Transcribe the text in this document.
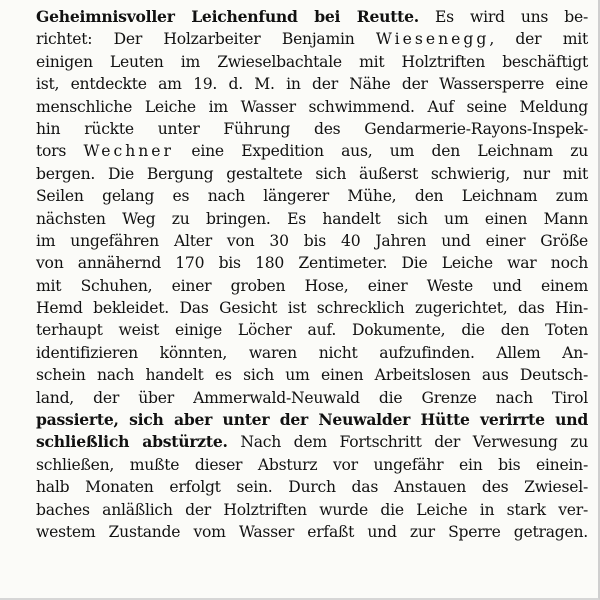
Geheimnisvoller Leichenfund bei Reutte. Es wird uns be-
richtet: Der Holzarbeiter Benjamin Wiesenegg, der mit
einigen Leuten im Zwieselbachtale mit Holztriften beschäftigt
ist, entdeckte am 19. d. M. in der Nähe der Wassersperre eine
menschliche Leiche im Wasser schwimmend. Auf seine Meldung
hin rückte unter Führung des Gendarmerie-Rayons-Inspek-
tors Wechner eine Expedition aus, um den Leichnam zu
bergen. Die Bergung gestaltete sich äußerst schwierig, nur mit
Seilen gelang es nach längerer Mühe, den Leichnam zum
nächsten Weg zu bringen. Es handelt sich um einen Mann
im ungefähren Alter von 30 bis 40 Jahren und einer Größe
von annähernd 170 bis 180 Zentimeter. Die Leiche war noch
mit Schuhen, einer groben Hose, einer Weste und einem
Hemd bekleidet. Das Gesicht ist schrecklich zugerichtet, das Hin-
terhaupt weist einige Löcher auf. Dokumente, die den Toten
identifizieren könnten, waren nicht aufzufinden. Allem An-
schein nach handelt es sich um einen Arbeitslosen aus Deutsch-
land, der über Ammerwald-Neuwald die Grenze nach Tirol
passierte, sich aber unter der Neuwalder Hütte verirrte und
schließlich abstürzte. Nach dem Fortschritt der Verwesung zu
schließen, mußte dieser Absturz vor ungefähr ein bis einein-
halb Monaten erfolgt sein. Durch das Anstauen des Zwiesel-
baches anläßlich der Holztriften wurde die Leiche in stark ver-
westem Zustande vom Wasser erfaßt und zur Sperre getragen.
